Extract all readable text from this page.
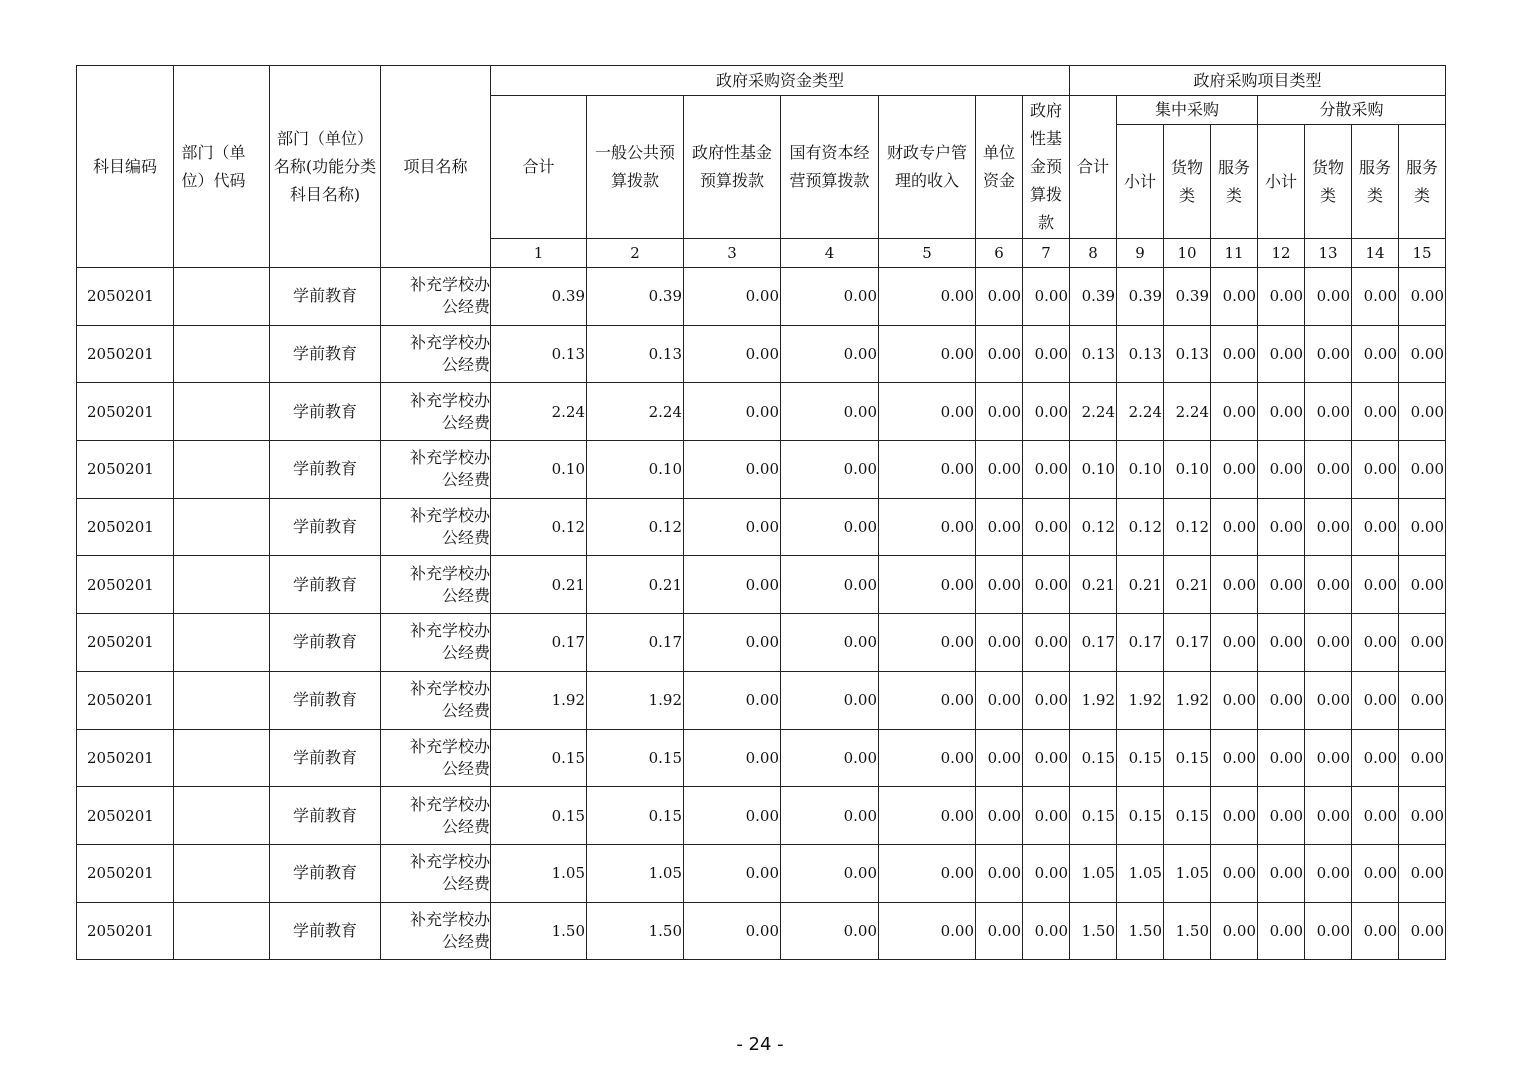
科目编码	部门（单位）代码	部门（单位）名称(功能分类科目名称)	项目名称	政府采购资金类型							政府采购项目类型							
				合计	一般公共预算拨款	政府性基金预算拨款	国有资本经营预算拨款	财政专户管理的收入	单位资金	政府性基金预算拨款	合计	集中采购			分散采购			
												小计	货物类	服务类	小计	货物类	服务类	服务类

				1	2	3	4	5	6	7	8	9	10	11	12	13	14	15
2050201		学前教育	补充学校办
公经费	0.39	0.39	0.00	0.00	0.00	0.00	0.00	0.39	0.39	0.39	0.00	0.00	0.00	0.00	0.00
2050201		学前教育	补充学校办
公经费	0.13	0.13	0.00	0.00	0.00	0.00	0.00	0.13	0.13	0.13	0.00	0.00	0.00	0.00	0.00
2050201		学前教育	补充学校办
公经费	2.24	2.24	0.00	0.00	0.00	0.00	0.00	2.24	2.24	2.24	0.00	0.00	0.00	0.00	0.00
2050201		学前教育	补充学校办
公经费	0.10	0.10	0.00	0.00	0.00	0.00	0.00	0.10	0.10	0.10	0.00	0.00	0.00	0.00	0.00
2050201		学前教育	补充学校办
公经费	0.12	0.12	0.00	0.00	0.00	0.00	0.00	0.12	0.12	0.12	0.00	0.00	0.00	0.00	0.00
2050201		学前教育	补充学校办
公经费	0.21	0.21	0.00	0.00	0.00	0.00	0.00	0.21	0.21	0.21	0.00	0.00	0.00	0.00	0.00
2050201		学前教育	补充学校办
公经费	0.17	0.17	0.00	0.00	0.00	0.00	0.00	0.17	0.17	0.17	0.00	0.00	0.00	0.00	0.00
2050201		学前教育	补充学校办
公经费	1.92	1.92	0.00	0.00	0.00	0.00	0.00	1.92	1.92	1.92	0.00	0.00	0.00	0.00	0.00
2050201		学前教育	补充学校办
公经费	0.15	0.15	0.00	0.00	0.00	0.00	0.00	0.15	0.15	0.15	0.00	0.00	0.00	0.00	0.00
2050201		学前教育	补充学校办
公经费	0.15	0.15	0.00	0.00	0.00	0.00	0.00	0.15	0.15	0.15	0.00	0.00	0.00	0.00	0.00
2050201		学前教育	补充学校办
公经费	1.05	1.05	0.00	0.00	0.00	0.00	0.00	1.05	1.05	1.05	0.00	0.00	0.00	0.00	0.00
2050201		学前教育	补充学校办
公经费	1.50	1.50	0.00	0.00	0.00	0.00	0.00	1.50	1.50	1.50	0.00	0.00	0.00	0.00	0.00
- 24 -
